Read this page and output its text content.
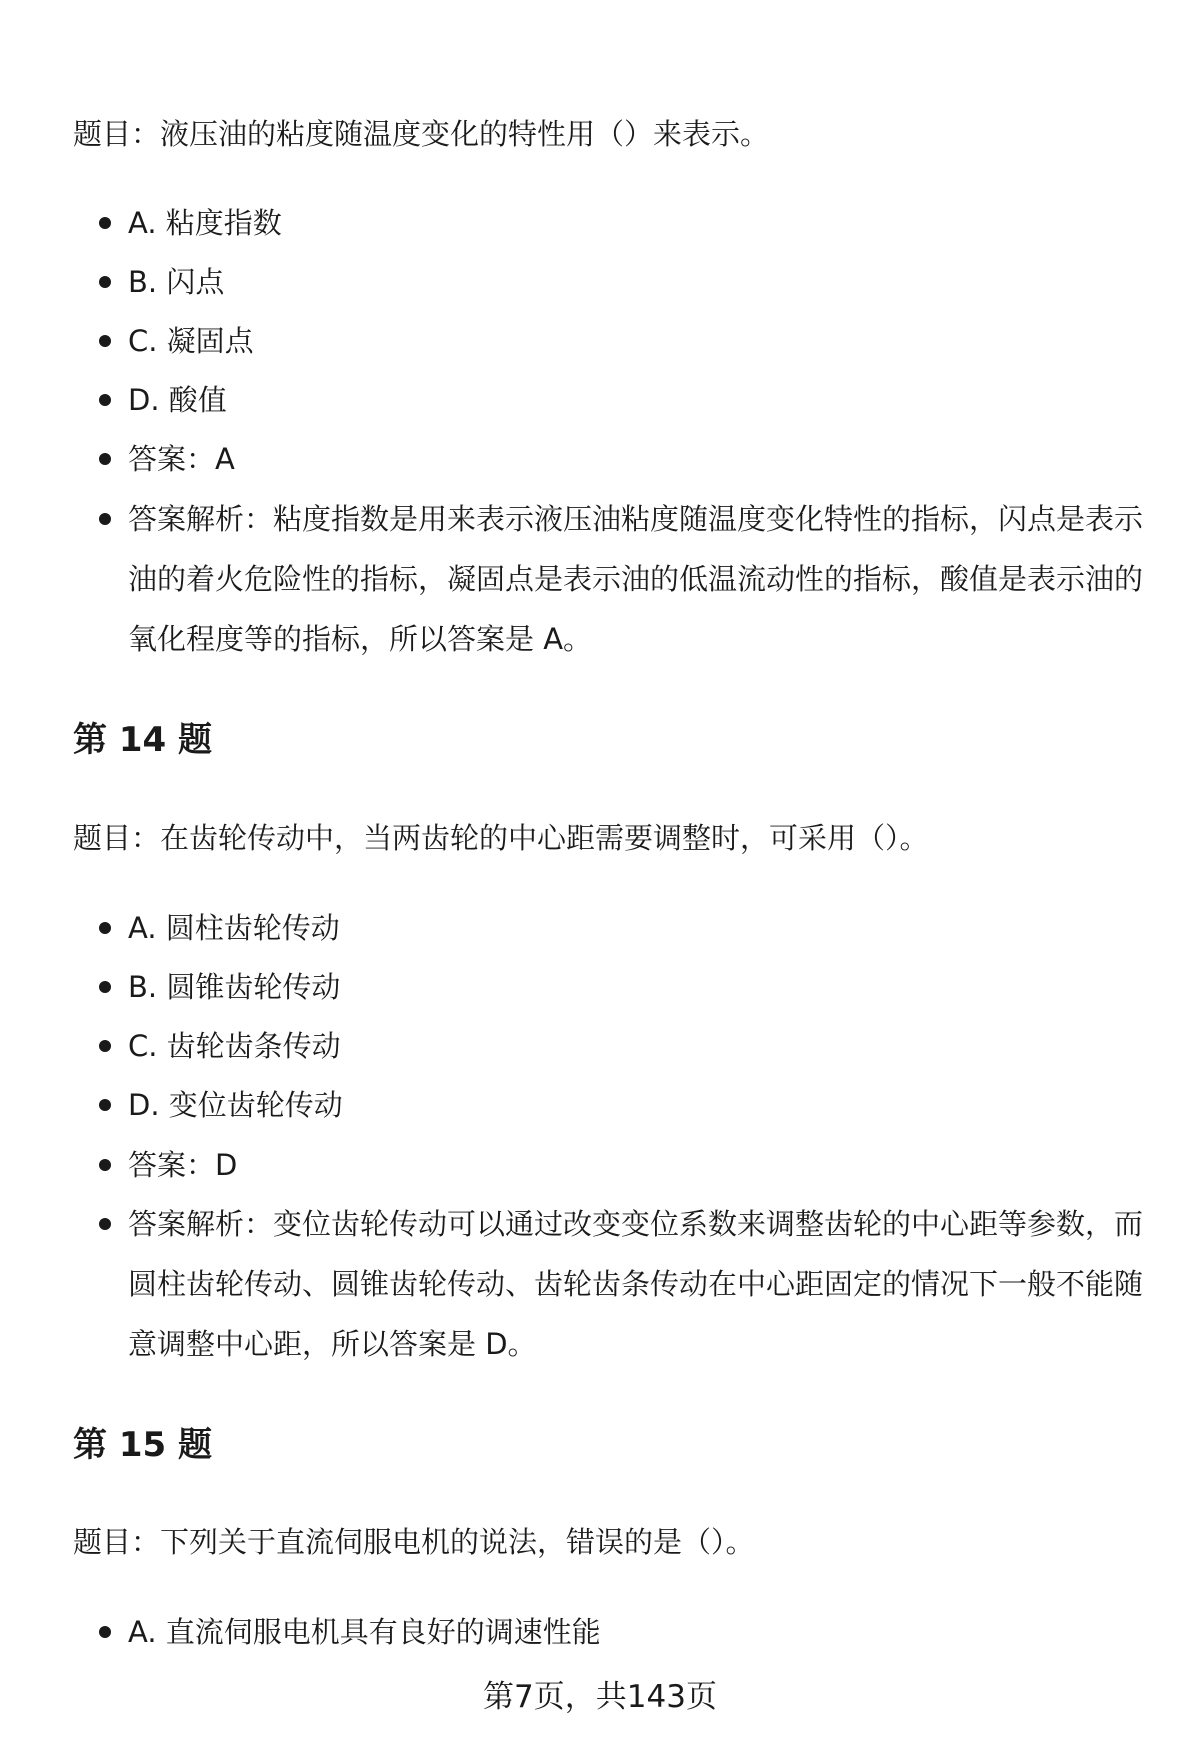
题目：液压油的粘度随温度变化的特性用（）来表示。

A. 粘度指数
B. 闪点
C. 凝固点
D. 酸值
答案：A
答案解析：粘度指数是用来表示液压油粘度随温度变化特性的指标，闪点是表示油的着火危险性的指标，凝固点是表示油的低温流动性的指标，酸值是表示油的氧化程度等的指标，所以答案是 A。
第 14 题

题目：在齿轮传动中，当两齿轮的中心距需要调整时，可采用（）。

A. 圆柱齿轮传动
B. 圆锥齿轮传动
C. 齿轮齿条传动
D. 变位齿轮传动
答案：D
答案解析：变位齿轮传动可以通过改变变位系数来调整齿轮的中心距等参数，而圆柱齿轮传动、圆锥齿轮传动、齿轮齿条传动在中心距固定的情况下一般不能随意调整中心距，所以答案是 D。
第 15 题

题目：下列关于直流伺服电机的说法，错误的是（）。

A. 直流伺服电机具有良好的调速性能
第7页，共143页
